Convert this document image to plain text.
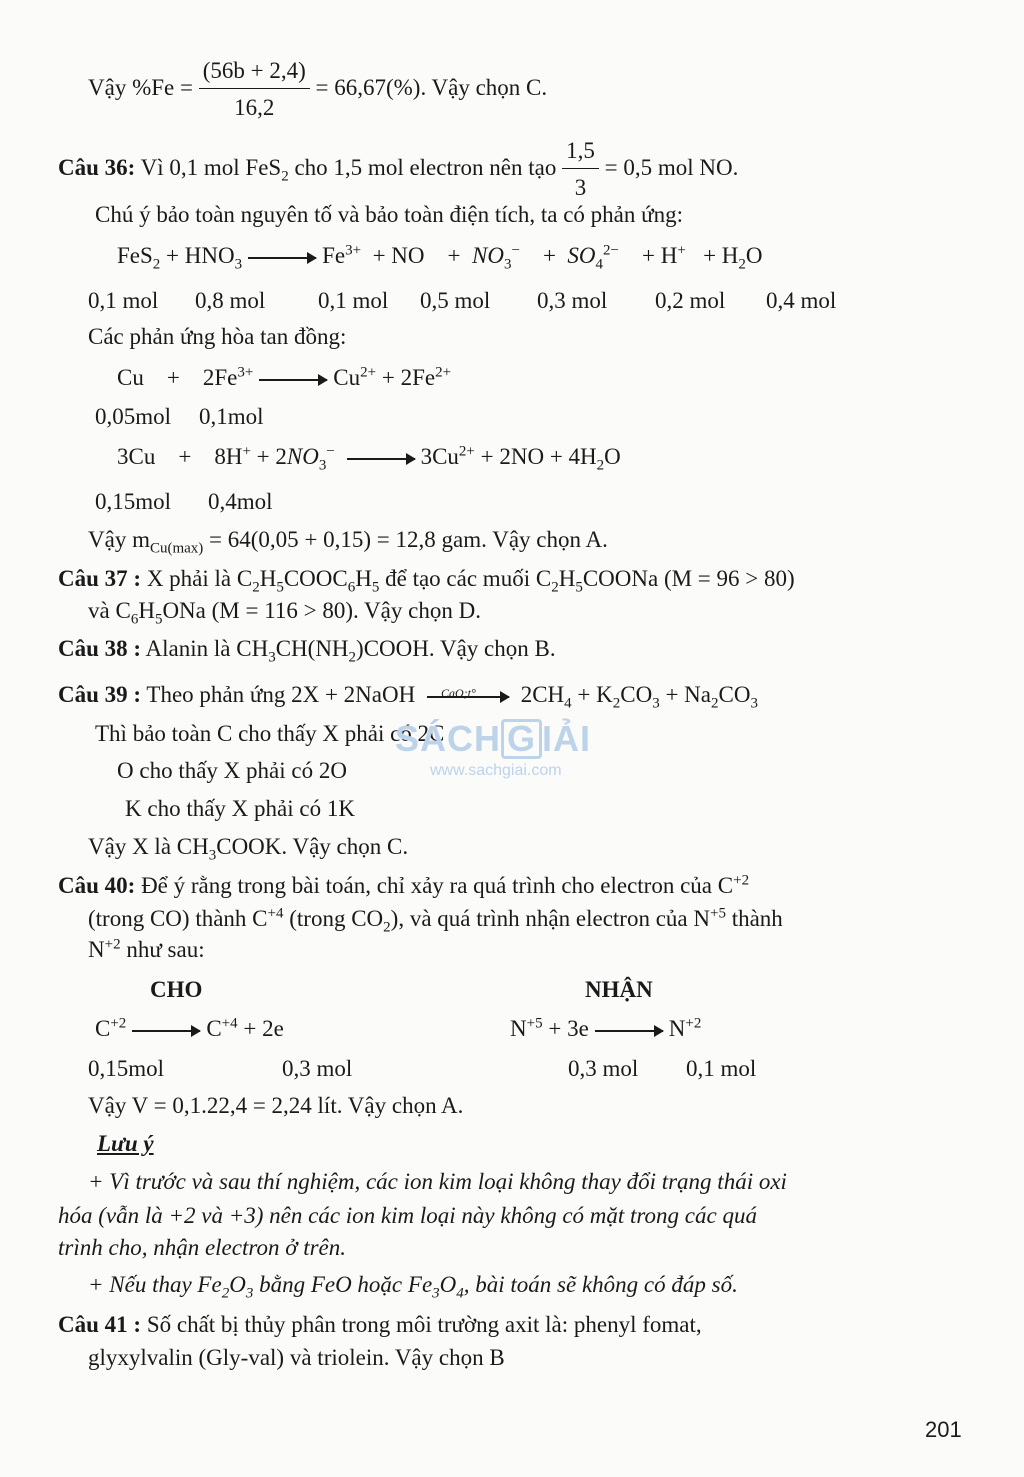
Vậy $\%Fe = \frac{(56b + 2,4)}{16,2} = 66,67(\%)$. Vậy chọn C.
Câu 36: Vì 0,1 mol FeS$_2$ cho 1,5 mol electron nên tạo $\frac{1,5}{3} = 0,5$ mol NO.
Chú ý bảo toàn nguyên tố và bảo toàn điện tích, ta có phản ứng:
$FeS_2 + HNO_3$	$Fe^{3+}$ + NO + $NO_3^- + SO_4^{2-} + H^+ + H_2O$
0,1 mol 0,8 mol 0,1 mol 0,5 mol 0,3 mol 0,2 mol 0,4 mol
Các phản ứng hòa tan đồng:
$Cu + 2Fe^{3+}$	$Cu^{2+} + 2Fe^{2+}$
0,05mol 0,1mol
$3Cu + 8H^+ + 2NO_3^-$	$3Cu^{2+} + 2NO + 4H_2O$
0,15mol 0,4mol
Vậy $m_{Cu(max)} = 64(0,05 + 0,15) = 12,8$ gam. Vậy chọn A.
Câu 37 : X phải là $C_2H_5COOC_6H_5$ để tạo các muối $C_2H_5COONa$ (M = 96 > 80)
và $C_6H_5ONa$ (M = 116 > 80). Vậy chọn D.
Câu 38 : Alanin là $CH_3CH(NH_2)COOH$. Vậy chọn B.
Câu 39 : Theo phản ứng 2X + 2NaOH CaO;t° $2CH_4 + K_2CO_3 + Na_2CO_3$
Thì bảo toàn C cho thấy X phải có 2C
O cho thấy X phải có 2O
K cho thấy X phải có 1K
Vậy X là $CH_3COOK$. Vậy chọn C.
Câu 40: Để ý rằng trong bài toán, chỉ xảy ra quá trình cho electron của $C^{+2}$
(trong CO) thành $C^{+4}$ (trong $CO_2$), và quá trình nhận electron của $N^{+5}$ thành
$N^{+2}$ như sau:
CHO	NHẬN
$C^{+2}$	$C^{+4} + 2e$	$N^{+5} + 3e$	$N^{+2}$
0,15mol	0,3 mol	0,3 mol 0,1 mol
Vậy V = 0,1.22,4 = 2,24 lít. Vậy chọn A.
Lưu ý
+ Vì trước và sau thí nghiệm, các ion kim loại không thay đổi trạng thái oxi
hóa (vẫn là +2 và +3) nên các ion kim loại này không có mặt trong các quá
trình cho, nhận electron ở trên.
+ Nếu thay $Fe_2O_3$ bằng FeO hoặc $Fe_3O_4$, bài toán sẽ không có đáp số.
Câu 41 : Số chất bị thủy phân trong môi trường axit là: phenyl fomat,
glyxylvalin (Gly-val) và triolein. Vậy chọn B
SÁCH G IẢI
www.sachgiai.com
201
